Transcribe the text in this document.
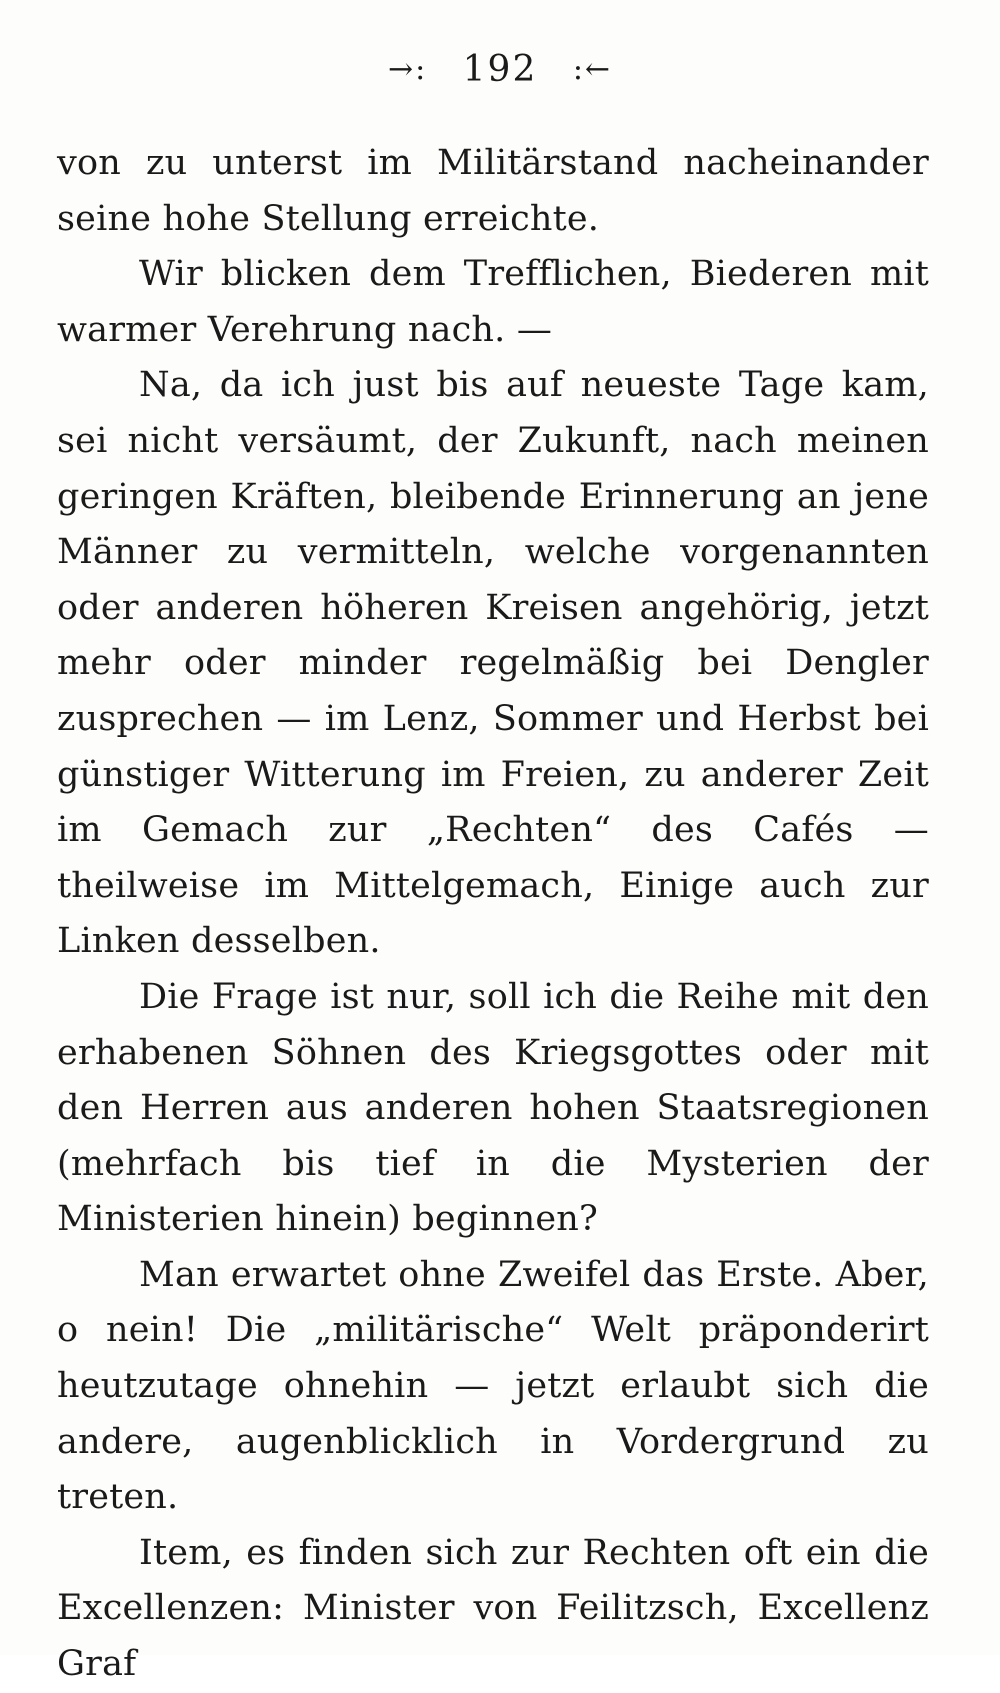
→: 192 :←

von zu unterst im Militärstand nacheinander seine hohe Stellung erreichte.

Wir blicken dem Trefflichen, Biederen mit warmer Verehrung nach. —

Na, da ich just bis auf neueste Tage kam, sei nicht versäumt, der Zukunft, nach meinen geringen Kräften, bleibende Erinnerung an jene Männer zu vermitteln, welche vorgenannten oder anderen höheren Kreisen angehörig, jetzt mehr oder minder regelmäßig bei Dengler zusprechen — im Lenz, Sommer und Herbst bei günstiger Witterung im Freien, zu anderer Zeit im Gemach zur „Rechten“ des Cafés — theilweise im Mittelgemach, Einige auch zur Linken desselben.

Die Frage ist nur, soll ich die Reihe mit den erhabenen Söhnen des Kriegsgottes oder mit den Herren aus anderen hohen Staatsregionen (mehrfach bis tief in die Mysterien der Ministerien hinein) beginnen?

Man erwartet ohne Zweifel das Erste. Aber, o nein! Die „militärische“ Welt präponderirt heutzutage ohnehin — jetzt erlaubt sich die andere, augenblicklich in Vordergrund zu treten.

Item, es finden sich zur Rechten oft ein die Excellenzen: Minister von Feilitzsch, Excellenz Graf
